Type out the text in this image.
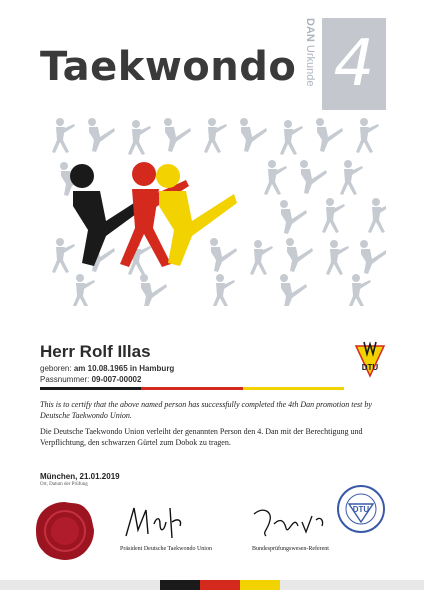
Taekwondo
DAN Urkunde 4
Herr Rolf Illas
geboren: am 10.08.1965 in Hamburg
Passnummer: 09-007-00002
DTU

This is to certify that the above named person has successfully completed the 4th Dan promotion test by Deutsche Taekwondo Union.

Die Deutsche Taekwondo Union verleiht der genannten Person den 4. Dan mit der Berechtigung und Verpflichtung, den schwarzen Gürtel zum Dobok zu tragen.

München, 21.01.2019
Ort, Datum der Prüfung
Präsident Deutsche Taekwondo Union	Bundesprüfungswesen-Referent
DTU
